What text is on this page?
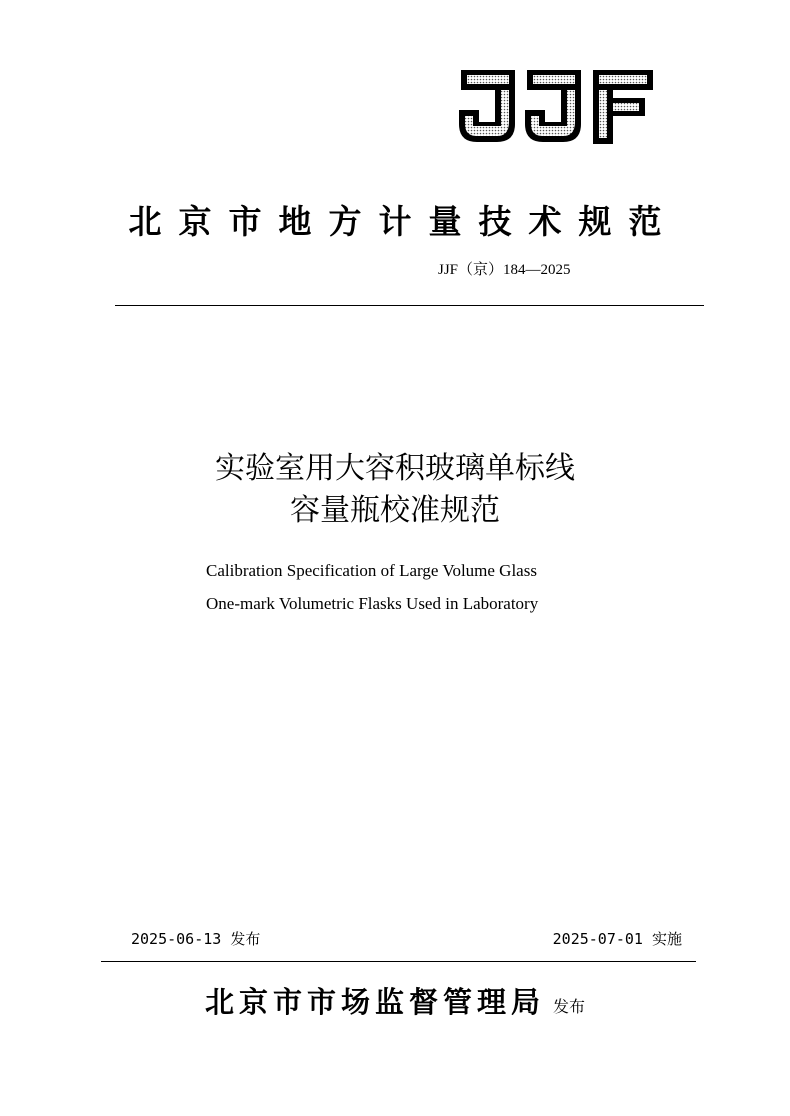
北京市地方计量技术规范
JJF（京）184—2025
实验室用大容积玻璃单标线
容量瓶校准规范
Calibration Specification of Large Volume Glass
One-mark Volumetric Flasks Used in Laboratory
2025-06-13 发布	2025-07-01 实施
北京市市场监督管理局 发布
